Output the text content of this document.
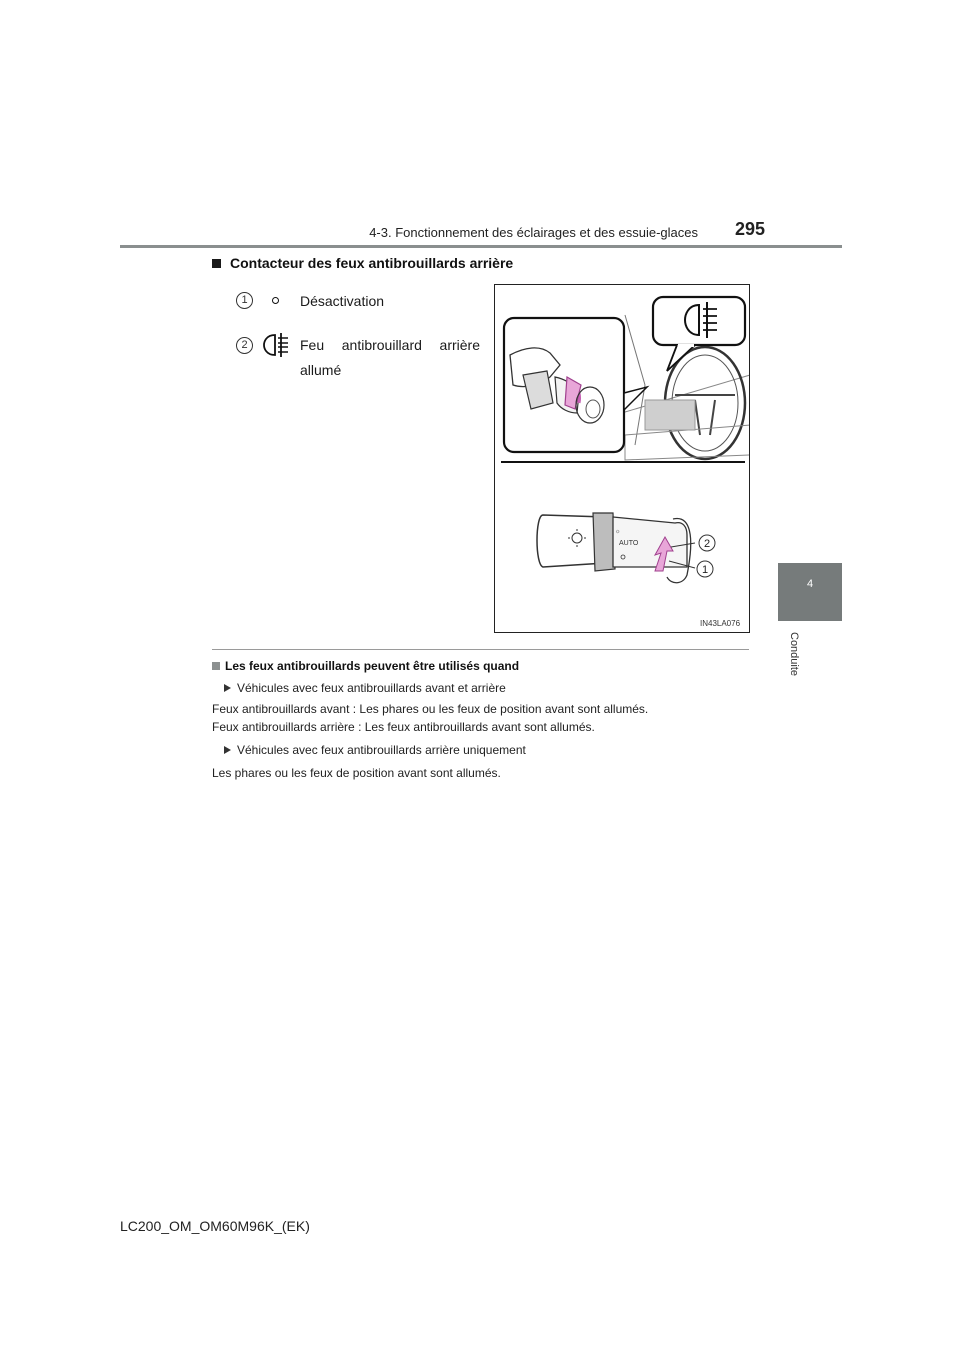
4-3. Fonctionnement des éclairages et des essuie-glaces 295
4
Conduite
Contacteur des feux antibrouillards arrière
1	Désactivation
2	Feu antibrouillard arrière
allumé
AUTO
☼
2
1
IN43LA076
Les feux antibrouillards peuvent être utilisés quand
Véhicules avec feux antibrouillards avant et arrière
Feux antibrouillards avant : Les phares ou les feux de position avant sont allumés.
Feux antibrouillards arrière : Les feux antibrouillards avant sont allumés.
Véhicules avec feux antibrouillards arrière uniquement
Les phares ou les feux de position avant sont allumés.
LC200_OM_OM60M96K_(EK)
